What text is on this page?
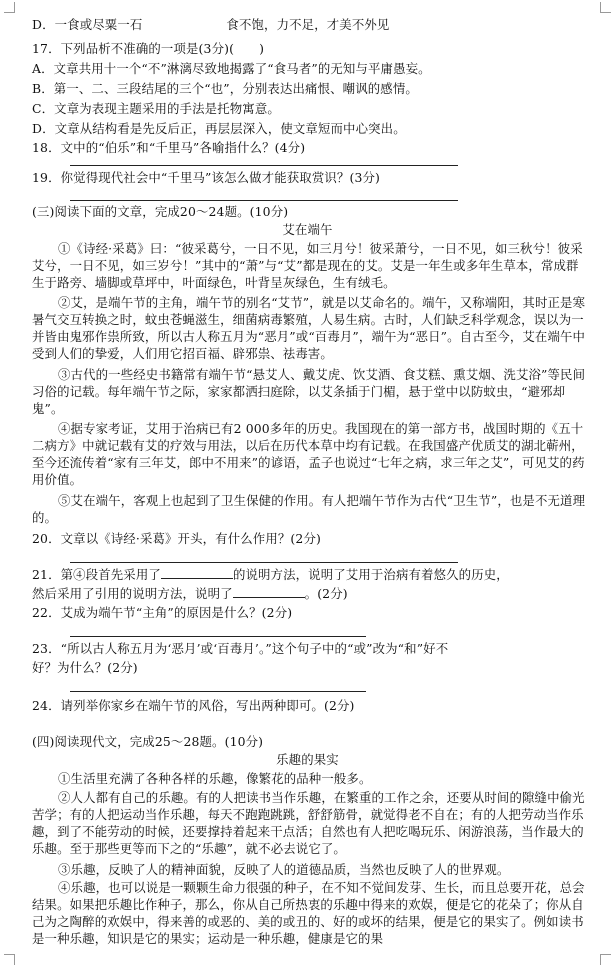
D．一食或尽粟一石	食不饱，力不足，才美不外见
17．下列品析不准确的一项是(3分)(　　)
A．文章共用十一个“不”淋漓尽致地揭露了“食马者”的无知与平庸愚妄。
B．第一、二、三段结尾的三个“也”，分别表达出痛恨、嘲讽的感情。
C．文章为表现主题采用的手法是托物寓意。
D．文章从结构看是先反后正，再层层深入，使文章短而中心突出。
18．文中的“伯乐”和“千里马”各喻指什么？(4分)
19．你觉得现代社会中“千里马”该怎么做才能获取赏识？(3分)
(三)阅读下面的文章，完成20～24题。(10分)
艾在端午
①《诗经·采葛》曰：“彼采葛兮，一日不见，如三月兮！彼采萧兮，一日不见，如三秋兮！彼采艾兮，一日不见，如三岁兮！”其中的“萧”与“艾”都是现在的艾。艾是一年生或多年生草本，常成群生于路旁、墙脚或草坪中，叶面绿色，叶背呈灰绿色，生有绒毛。
②艾，是端午节的主角，端午节的别名“艾节”，就是以艾命名的。端午，又称端阳，其时正是寒暑气交互转换之时，蚊虫苍蝇滋生，细菌病毒繁殖，人易生病。古时，人们缺乏科学观念，误以为一并皆由鬼邪作祟所致，所以古人称五月为“恶月”或“百毒月”，端午为“恶日”。自古至今，艾在端午中受到人们的挚爱，人们用它招百福、辟邪祟、祛毒害。
③古代的一些经史书籍常有端午节“悬艾人、戴艾虎、饮艾酒、食艾糕、熏艾烟、洗艾浴”等民间习俗的记载。每年端午节之际，家家都洒扫庭除，以艾条插于门楣，悬于堂中以防蚊虫，“避邪却鬼”。
④据专家考证，艾用于治病已有2 000多年的历史。我国现在的第一部方书，战国时期的《五十二病方》中就记载有艾的疗效与用法，以后在历代本草中均有记载。在我国盛产优质艾的湖北蕲州，至今还流传着“家有三年艾，郎中不用来”的谚语，孟子也说过“七年之病，求三年之艾”，可见艾的药用价值。
⑤艾在端午，客观上也起到了卫生保健的作用。有人把端午节作为古代“卫生节”，也是不无道理的。
20．文章以《诗经·采葛》开头，有什么作用？(2分)
21．第④段首先采用了	的说明方法，说明了艾用于治病有着悠久的历史，
然后采用了引用的说明方法，说明了	。(2分)
22．艾成为端午节“主角”的原因是什么？(2分)
23．“所以古人称五月为‘恶月’或‘百毒月’。”这个句子中的“或”改为“和”好不
好？为什么？(2分)
24．请列举你家乡在端午节的风俗，写出两种即可。(2分)
(四)阅读现代文，完成25～28题。(10分)
乐趣的果实
①生活里充满了各种各样的乐趣，像繁花的品种一般多。
②人人都有自己的乐趣。有的人把读书当作乐趣，在繁重的工作之余，还要从时间的隙缝中偷光苦学；有的人把运动当作乐趣，每天不跑跑跳跳，舒舒筋骨，就觉得老不自在；有的人把劳动当作乐趣，到了不能劳动的时候，还要撑持着起来干点活；自然也有人把吃喝玩乐、闲游浪荡，当作最大的乐趣。至于那些更等而下之的“乐趣”，就不必去说它了。
③乐趣，反映了人的精神面貌，反映了人的道德品质，当然也反映了人的世界观。
④乐趣，也可以说是一颗颗生命力很强的种子，在不知不觉间发芽、生长，而且总要开花，总会结果。如果把乐趣比作种子，那么，你从自己所热衷的乐趣中得来的欢娱，便是它的花朵了；你从自己为之陶醉的欢娱中，得来善的或恶的、美的或丑的、好的或坏的结果，便是它的果实了。例如读书是一种乐趣，知识是它的果实；运动是一种乐趣，健康是它的果
